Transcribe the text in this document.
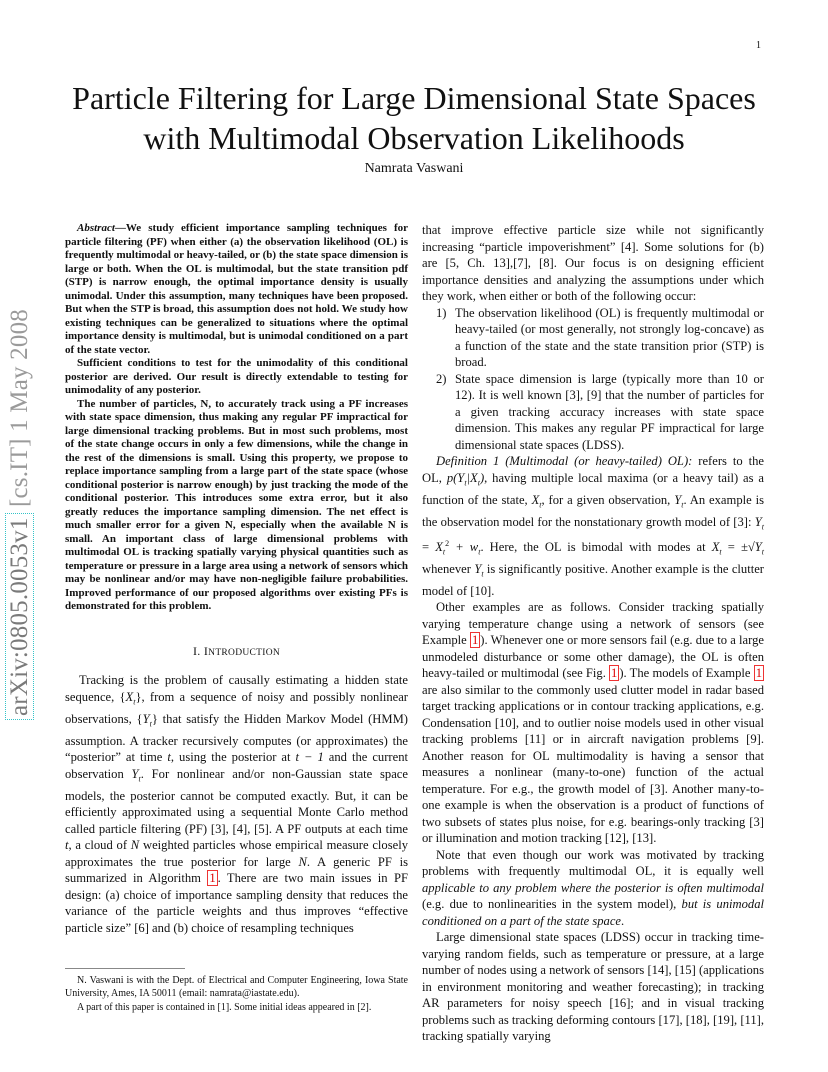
1
arXiv:0805.0053v1 [cs.IT] 1 May 2008
Particle Filtering for Large Dimensional State Spaces with Multimodal Observation Likelihoods
Namrata Vaswani

Abstract—We study efficient importance sampling techniques for particle filtering (PF) when either (a) the observation likelihood (OL) is frequently multimodal or heavy-tailed, or (b) the state space dimension is large or both. When the OL is multimodal, but the state transition pdf (STP) is narrow enough, the optimal importance density is usually unimodal. Under this assumption, many techniques have been proposed. But when the STP is broad, this assumption does not hold. We study how existing techniques can be generalized to situations where the optimal importance density is multimodal, but is unimodal conditioned on a part of the state vector.

Sufficient conditions to test for the unimodality of this conditional posterior are derived. Our result is directly extendable to testing for unimodality of any posterior.

The number of particles, N, to accurately track using a PF increases with state space dimension, thus making any regular PF impractical for large dimensional tracking problems. But in most such problems, most of the state change occurs in only a few dimensions, while the change in the rest of the dimensions is small. Using this property, we propose to replace importance sampling from a large part of the state space (whose conditional posterior is narrow enough) by just tracking the mode of the conditional posterior. This introduces some extra error, but it also greatly reduces the importance sampling dimension. The net effect is much smaller error for a given N, especially when the available N is small. An important class of large dimensional problems with multimodal OL is tracking spatially varying physical quantities such as temperature or pressure in a large area using a network of sensors which may be nonlinear and/or may have non-negligible failure probabilities. Improved performance of our proposed algorithms over existing PFs is demonstrated for this problem.

I. INTRODUCTION

Tracking is the problem of causally estimating a hidden state sequence, $\{X_t\}$, from a sequence of noisy and possibly nonlinear observations, $\{Y_t\}$ that satisfy the Hidden Markov Model (HMM) assumption. A tracker recursively computes (or approximates) the “posterior” at time t, using the posterior at t − 1 and the current observation $Y_t$. For nonlinear and/or non-Gaussian state space models, the posterior cannot be computed exactly. But, it can be efficiently approximated using a sequential Monte Carlo method called particle filtering (PF) [3], [4], [5]. A PF outputs at each time t, a cloud of N weighted particles whose empirical measure closely approximates the true posterior for large N. A generic PF is summarized in Algorithm 1 . There are two main issues in PF design: (a) choice of importance sampling density that reduces the variance of the particle weights and thus improves “effective particle size” [6] and (b) choice of resampling techniques

N. Vaswani is with the Dept. of Electrical and Computer Engineering, Iowa State University, Ames, IA 50011 (email: namrata@iastate.edu).

A part of this paper is contained in [1]. Some initial ideas appeared in [2].

that improve effective particle size while not significantly increasing “particle impoverishment” [4]. Some solutions for (b) are [5, Ch. 13],[7], [8]. Our focus is on designing efficient importance densities and analyzing the assumptions under which they work, when either or both of the following occur:

1) The observation likelihood (OL) is frequently multimodal or heavy-tailed (or most generally, not strongly log-concave) as a function of the state and the state transition prior (STP) is broad.
2) State space dimension is large (typically more than 10 or 12). It is well known [3], [9] that the number of particles for a given tracking accuracy increases with state space dimension. This makes any regular PF impractical for large dimensional state spaces (LDSS).

Definition 1 (Multimodal (or heavy-tailed) OL): refers to the OL, $p(Y_t|X_t)$, having multiple local maxima (or a heavy tail) as a function of the state, $X_t$, for a given observation, $Y_t$. An example is the observation model for the nonstationary growth model of [3]: $Y_t = X_t^2 + w_t$. Here, the OL is bimodal with modes at $X_t = \pm√Y_t$ whenever $Y_t$ is significantly positive. Another example is the clutter model of [10].

Other examples are as follows. Consider tracking spatially varying temperature change using a network of sensors (see Example 1 ). Whenever one or more sensors fail (e.g. due to a large unmodeled disturbance or some other damage), the OL is often heavy-tailed or multimodal (see Fig. 1 ). The models of Example 1 are also similar to the commonly used clutter model in radar based target tracking applications or in contour tracking applications, e.g. Condensation [10], and to outlier noise models used in other visual tracking problems [11] or in aircraft navigation problems [9]. Another reason for OL multimodality is having a sensor that measures a nonlinear (many-to-one) function of the actual temperature. For e.g., the growth model of [3]. Another many-to-one example is when the observation is a product of functions of two subsets of states plus noise, for e.g. bearings-only tracking [3] or illumination and motion tracking [12], [13].

Note that even though our work was motivated by tracking problems with frequently multimodal OL, it is equally well applicable to any problem where the posterior is often multimodal (e.g. due to nonlinearities in the system model), but is unimodal conditioned on a part of the state space.

Large dimensional state spaces (LDSS) occur in tracking time-varying random fields, such as temperature or pressure, at a large number of nodes using a network of sensors [14], [15] (applications in environment monitoring and weather forecasting); in tracking AR parameters for noisy speech [16]; and in visual tracking problems such as tracking deforming contours [17], [18], [19], [11], tracking spatially varying
